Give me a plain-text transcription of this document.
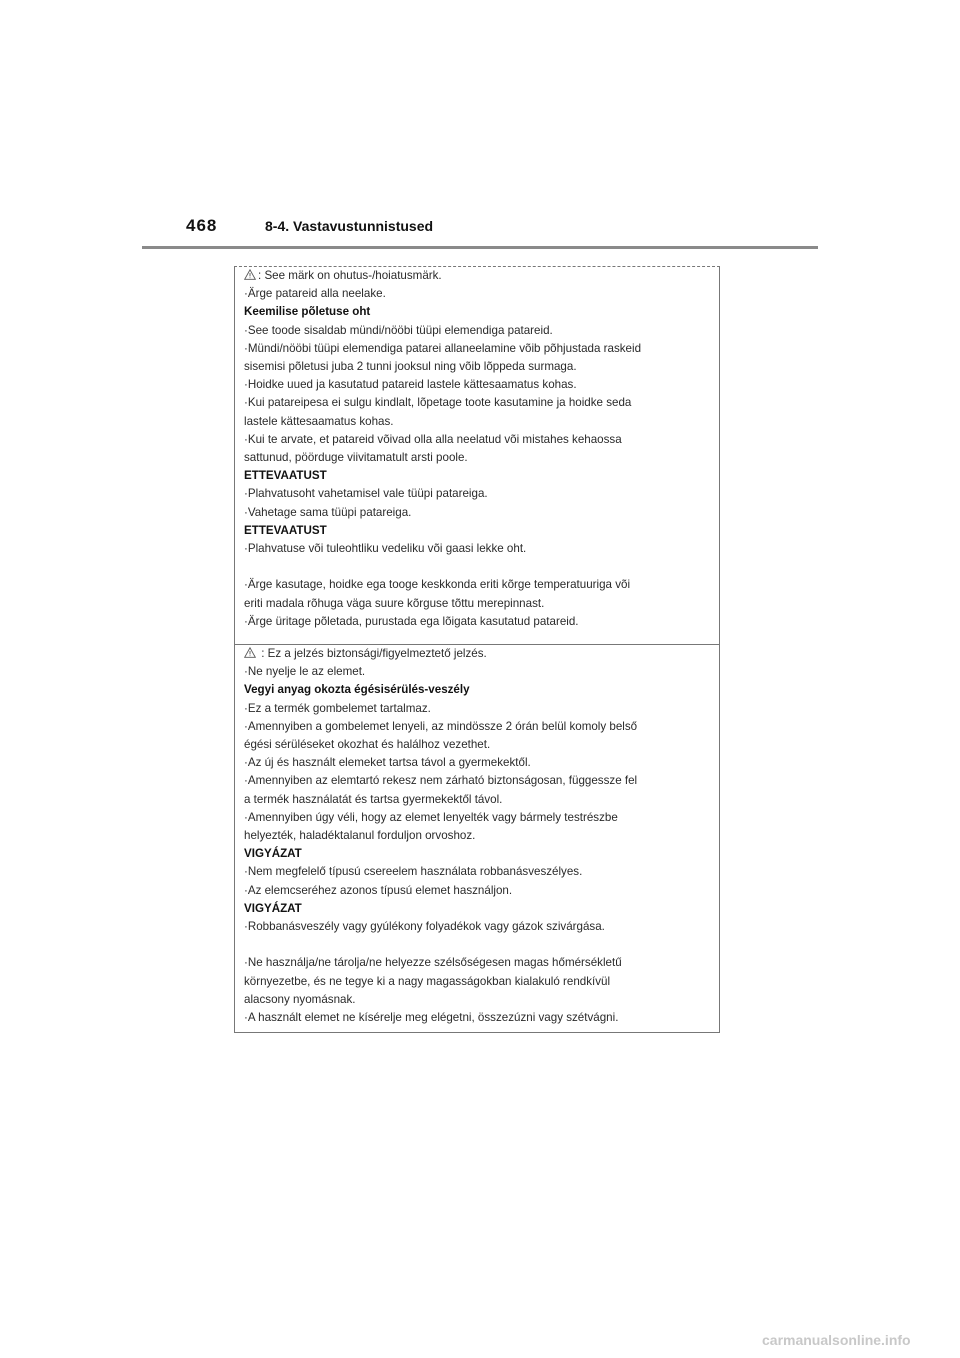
468	8-4. Vastavustunnistused
: See märk on ohutus-/hoiatusmärk.
·Ärge patareid alla neelake.
Keemilise põletuse oht
·See toode sisaldab mündi/nööbi tüüpi elemendiga patareid.
·Mündi/nööbi tüüpi elemendiga patarei allaneelamine võib põhjustada raskeid
sisemisi põletusi juba 2 tunni jooksul ning võib lõppeda surmaga.
·Hoidke uued ja kasutatud patareid lastele kättesaamatus kohas.
·Kui patareipesa ei sulgu kindlalt, lõpetage toote kasutamine ja hoidke seda
lastele kättesaamatus kohas.
·Kui te arvate, et patareid võivad olla alla neelatud või mistahes kehaossa
sattunud, pöörduge viivitamatult arsti poole.
ETTEVAATUST
·Plahvatusoht vahetamisel vale tüüpi patareiga.
·Vahetage sama tüüpi patareiga.
ETTEVAATUST
·Plahvatuse või tuleohtliku vedeliku või gaasi lekke oht.
·Ärge kasutage, hoidke ega tooge keskkonda eriti kõrge temperatuuriga või
eriti madala rõhuga väga suure kõrguse tõttu merepinnast.
·Ärge üritage põletada, purustada ega lõigata kasutatud patareid.
: Ez a jelzés biztonsági/figyelmeztető jelzés.
·Ne nyelje le az elemet.
Vegyi anyag okozta égésisérülés-veszély
·Ez a termék gombelemet tartalmaz.
·Amennyiben a gombelemet lenyeli, az mindössze 2 órán belül komoly belső
égési sérüléseket okozhat és halálhoz vezethet.
·Az új és használt elemeket tartsa távol a gyermekektől.
·Amennyiben az elemtartó rekesz nem zárható biztonságosan, függessze fel
a termék használatát és tartsa gyermekektől távol.
·Amennyiben úgy véli, hogy az elemet lenyelték vagy bármely testrészbe
helyezték, haladéktalanul forduljon orvoshoz.
VIGYÁZAT
·Nem megfelelő típusú csereelem használata robbanásveszélyes.
·Az elemcseréhez azonos típusú elemet használjon.
VIGYÁZAT
·Robbanásveszély vagy gyúlékony folyadékok vagy gázok szivárgása.
·Ne használja/ne tárolja/ne helyezze szélsőségesen magas hőmérsékletű
környezetbe, és ne tegye ki a nagy magasságokban kialakuló rendkívül
alacsony nyomásnak.
·A használt elemet ne kísérelje meg elégetni, összezúzni vagy szétvágni.
carmanualsonline.info
